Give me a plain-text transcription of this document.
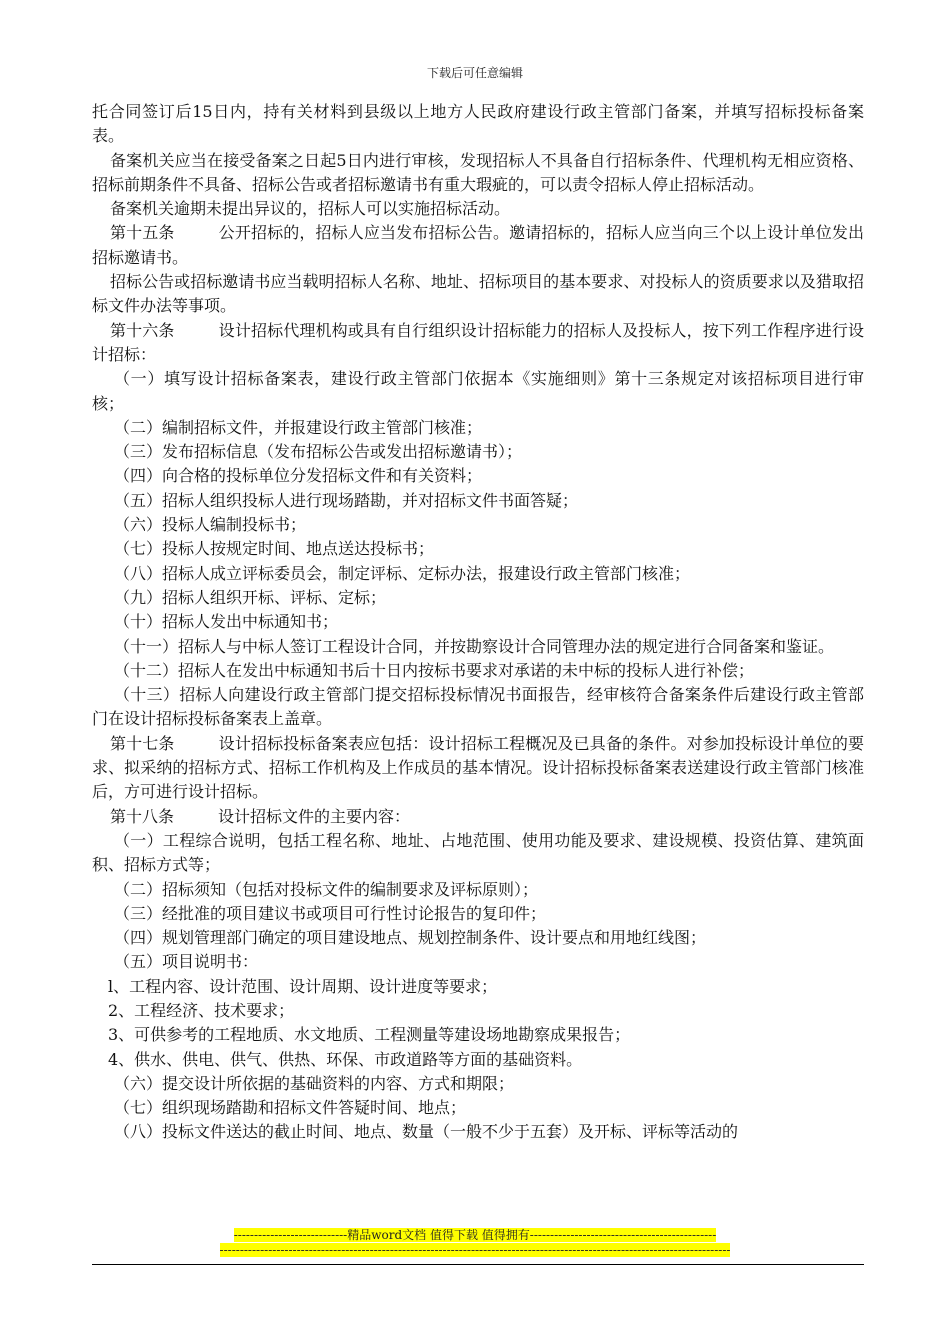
下载后可任意编辑

托合同签订后15日内，持有关材料到县级以上地方人民政府建设行政主管部门备案，并填写招标投标备案表。

备案机关应当在接受备案之日起5日内进行审核，发现招标人不具备自行招标条件、代理机构无相应资格、招标前期条件不具备、招标公告或者招标邀请书有重大瑕疵的，可以责令招标人停止招标活动。

备案机关逾期未提出异议的，招标人可以实施招标活动。

第十五条	公开招标的，招标人应当发布招标公告。邀请招标的，招标人应当向三个以上设计单位发出招标邀请书。

招标公告或招标邀请书应当载明招标人名称、地址、招标项目的基本要求、对投标人的资质要求以及猎取招标文件办法等事项。

第十六条	设计招标代理机构或具有自行组织设计招标能力的招标人及投标人，按下列工作程序进行设计招标：

（一）填写设计招标备案表，建设行政主管部门依据本《实施细则》第十三条规定对该招标项目进行审核；

（二）编制招标文件，并报建设行政主管部门核准；

（三）发布招标信息（发布招标公告或发出招标邀请书）；

（四）向合格的投标单位分发招标文件和有关资料；

（五）招标人组织投标人进行现场踏勘，并对招标文件书面答疑；

（六）投标人编制投标书；

（七）投标人按规定时间、地点送达投标书；

（八）招标人成立评标委员会，制定评标、定标办法，报建设行政主管部门核准；

（九）招标人组织开标、评标、定标；

（十）招标人发出中标通知书；

（十一）招标人与中标人签订工程设计合同，并按勘察设计合同管理办法的规定进行合同备案和鉴证。

（十二）招标人在发出中标通知书后十日内按标书要求对承诺的未中标的投标人进行补偿；

（十三）招标人向建设行政主管部门提交招标投标情况书面报告，经审核符合备案条件后建设行政主管部门在设计招标投标备案表上盖章。

第十七条	设计招标投标备案表应包括：设计招标工程概况及已具备的条件。对参加投标设计单位的要求、拟采纳的招标方式、招标工作机构及上作成员的基本情况。设计招标投标备案表送建设行政主管部门核准后，方可进行设计招标。

第十八条	设计招标文件的主要内容：

（一）工程综合说明，包括工程名称、地址、占地范围、使用功能及要求、建设规模、投资估算、建筑面积、招标方式等；

（二）招标须知（包括对投标文件的编制要求及评标原则）；

（三）经批准的项目建议书或项目可行性讨论报告的复印件；

（四）规划管理部门确定的项目建设地点、规划控制条件、设计要点和用地红线图；

（五）项目说明书：

l、工程内容、设计范围、设计周期、设计进度等要求；

2、工程经济、技术要求；

3、可供参考的工程地质、水文地质、工程测量等建设场地勘察成果报告；

4、供水、供电、供气、供热、环保、市政道路等方面的基础资料。

（六）提交设计所依据的基础资料的内容、方式和期限；

（七）组织现场踏勘和招标文件答疑时间、地点；

（八）投标文件送达的截止时间、地点、数量（一般不少于五套）及开标、评标等活动的

----------------------------精品word文档 值得下载 值得拥有----------------------------------------------
------------------------------------------------------------------------------------------------------------------------------
